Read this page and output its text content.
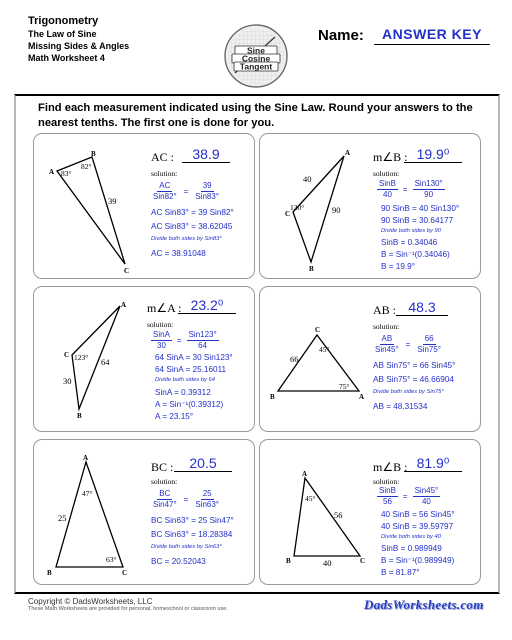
Trigonometry
The Law of Sine
Missing Sides & Angles
Math Worksheet 4
Sine
Cosine
Tangent
Name:	ANSWER KEY
Find each measurement indicated using the Sine Law. Round your answers to the nearest tenths. The first one is done for you.
A
B
C
83°
82°
39
AC :	38.9
solution:
AC
Sin82°
=
39
Sin83°
AC Sin83° = 39 Sin82°
AC Sin83° = 38.62045
Divide both sides by Sin83°
AC = 38.91048
A
B
C
130°
40
90
m∠B : 19.9⁰
solution:
SinB
40
=
Sin130°
90
90 SinB = 40 Sin130°
90 SinB = 30.64177
Divide both sides by 90
SinB = 0.34046
B = Sin⁻¹(0.34046)
B = 19.9°
A
B
C 123°
30
64
m∠A : 23.2⁰
solution:
SinA
30
=
Sin123°
64
64 SinA = 30 Sin123°
64 SinA = 25.16011
Divide both sides by 64
SinA = 0.39312
A = Sin⁻¹(0.39312)
A = 23.15°
A
B
C
45°
75°
66
AB : 48.3
solution:
AB
Sin45°
=
66
Sin75°
AB Sin75° = 66 Sin45°
AB Sin75° = 46.66904
Divide both sides by Sin75°
AB = 48.31534
A
B	C
47°
63°
25
BC :	20.5
solution:
BC
Sin47°
=
25
Sin63°
BC Sin63° = 25 Sin47°
BC Sin63° = 18.28384
Divide both sides by Sin63°
BC = 20.52043
A
B	C
45°
56
40
m∠B : 81.9⁰
solution:
SinB
56
=
Sin45°
40
40 SinB = 56 Sin45°
40 SinB = 39.59797
Divide both sides by 40
SinB = 0.989949
B = Sin⁻¹(0.989949)
B = 81.87°
Copyright © DadsWorksheets, LLC
These Math Worksheets are provided for personal, homeschool or classroom use.	DadsWorksheets.com
